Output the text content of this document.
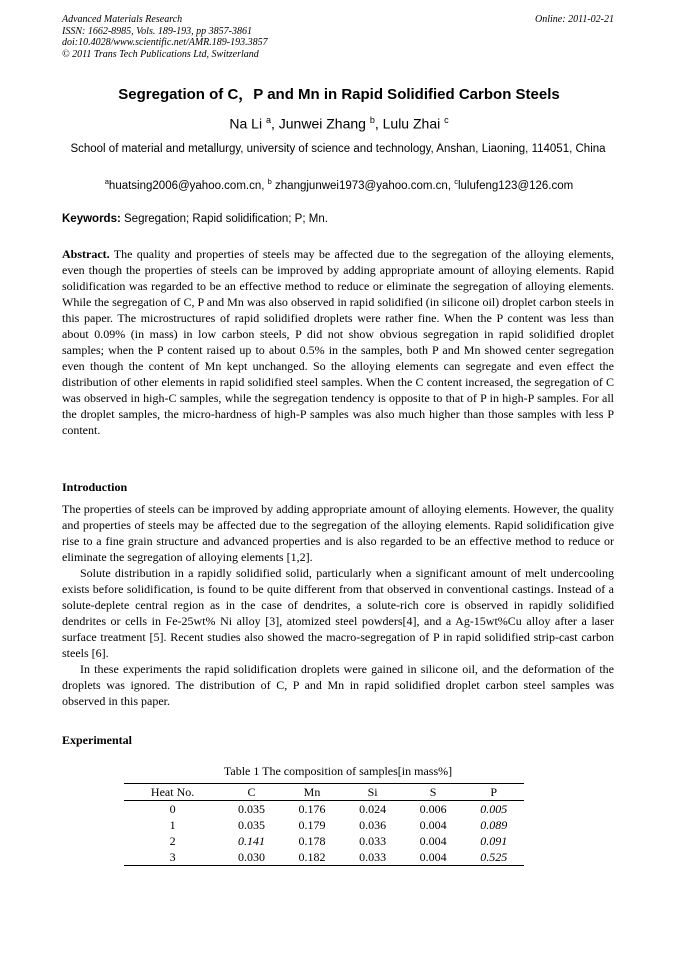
Advanced Materials Research
ISSN: 1662-8985, Vols. 189-193, pp 3857-3861
doi:10.4028/www.scientific.net/AMR.189-193.3857
© 2011 Trans Tech Publications Ltd, Switzerland
Online: 2011-02-21
Segregation of C，P and Mn in Rapid Solidified Carbon Steels
Na Li $^a$, Junwei Zhang $^b$, Lulu Zhai $^c$
School of material and metallurgy, university of science and technology, Anshan, Liaoning, 114051, China
$^a$huatsing2006@yahoo.com.cn, $^b$ zhangjunwei1973@yahoo.com.cn, $^c$lulufeng123@126.com
Keywords: Segregation; Rapid solidification; P; Mn.
Abstract. The quality and properties of steels may be affected due to the segregation of the alloying elements, even though the properties of steels can be improved by adding appropriate amount of alloying elements. Rapid solidification was regarded to be an effective method to reduce or eliminate the segregation of alloying elements. While the segregation of C, P and Mn was also observed in rapid solidified (in silicone oil) droplet carbon steels in this paper. The microstructures of rapid solidified droplets were rather fine. When the P content was less than about 0.09% (in mass) in low carbon steels, P did not show obvious segregation in rapid solidified droplet samples; when the P content raised up to about 0.5% in the samples, both P and Mn showed center segregation even though the content of Mn kept unchanged. So the alloying elements can segregate and even effect the distribution of other elements in rapid solidified steel samples. When the C content increased, the segregation of C was observed in high-C samples, while the segregation tendency is opposite to that of P in high-P samples. For all the droplet samples, the micro-hardness of high-P samples was also much higher than those samples with less P content.
Introduction
The properties of steels can be improved by adding appropriate amount of alloying elements. However, the quality and properties of steels may be affected due to the segregation of the alloying elements. Rapid solidification give rise to a fine grain structure and advanced properties and is also regarded to be an effective method to reduce or eliminate the segregation of alloying elements [1,2].
Solute distribution in a rapidly solidified solid, particularly when a significant amount of melt undercooling exists before solidification, is found to be quite different from that observed in conventional castings. Instead of a solute-deplete central region as in the case of dendrites, a solute-rich core is observed in rapidly solidified dendrites or cells in Fe-25wt% Ni alloy [3], atomized steel powders[4], and a Ag-15wt%Cu alloy after a laser surface treatment [5]. Recent studies also showed the macro-segregation of P in rapid solidified strip-cast carbon steels [6].
In these experiments the rapid solidification droplets were gained in silicone oil, and the deformation of the droplets was ignored. The distribution of C, P and Mn in rapid solidified droplet carbon steel samples was observed in this paper.
Experimental
Table 1 The composition of samples[in mass%]
Heat No.	C	Mn	Si	S	P
0	0.035	0.176	0.024	0.006	0.005
1	0.035	0.179	0.036	0.004	0.089
2	0.141	0.178	0.033	0.004	0.091
3	0.030	0.182	0.033	0.004	0.525
